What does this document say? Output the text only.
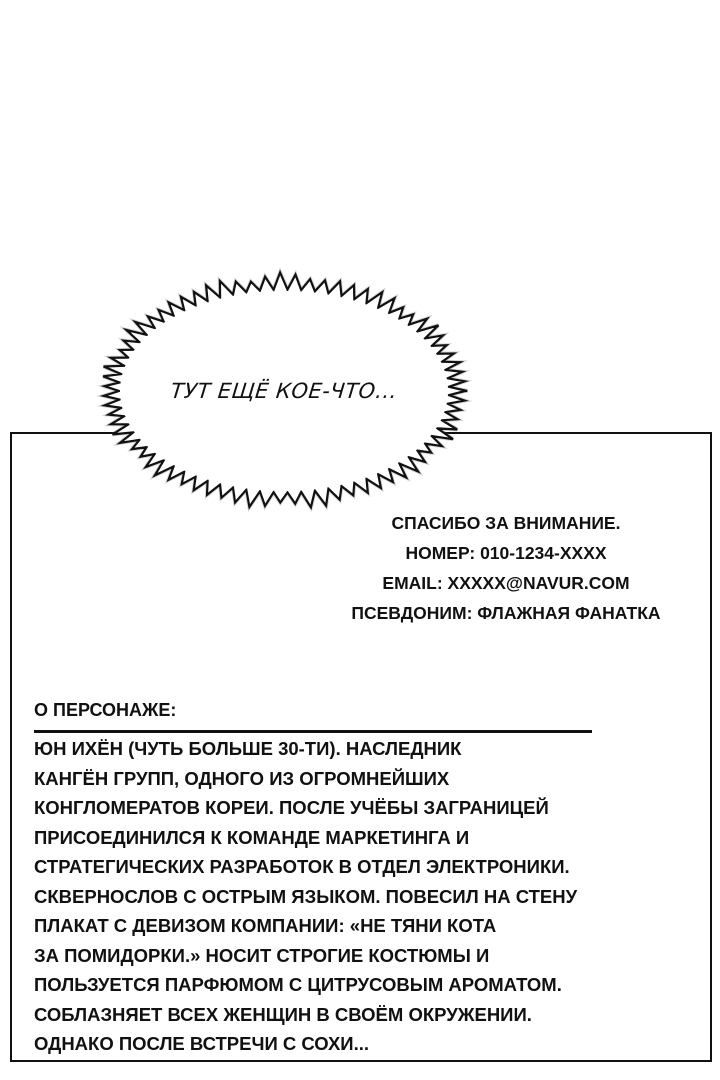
ТУТ ЕЩЁ КОЕ-ЧТО...
СПАСИБО ЗА ВНИМАНИЕ.
НОМЕР: 010-1234-XXXX
EMAIL: XXXXX@NAVUR.COM
ПСЕВДОНИМ: ФЛАЖНАЯ ФАНАТКА
О ПЕРСОНАЖЕ:
ЮН ИХЁН (ЧУТЬ БОЛЬШЕ 30-ТИ). НАСЛЕДНИК
КАНГЁН ГРУПП, ОДНОГО ИЗ ОГРОМНЕЙШИХ
КОНГЛОМЕРАТОВ КОРЕИ. ПОСЛЕ УЧЁБЫ ЗАГРАНИЦЕЙ
ПРИСОЕДИНИЛСЯ К КОМАНДЕ МАРКЕТИНГА И
СТРАТЕГИЧЕСКИХ РАЗРАБОТОК В ОТДЕЛ ЭЛЕКТРОНИКИ.
СКВЕРНОСЛОВ С ОСТРЫМ ЯЗЫКОМ. ПОВЕСИЛ НА СТЕНУ
ПЛАКАТ С ДЕВИЗОМ КОМПАНИИ: «НЕ ТЯНИ КОТА
ЗА ПОМИДОРКИ.» НОСИТ СТРОГИЕ КОСТЮМЫ И
ПОЛЬЗУЕТСЯ ПАРФЮМОМ С ЦИТРУСОВЫМ АРОМАТОМ.
СОБЛАЗНЯЕТ ВСЕХ ЖЕНЩИН В СВОЁМ ОКРУЖЕНИИ.
ОДНАКО ПОСЛЕ ВСТРЕЧИ С СОХИ...
